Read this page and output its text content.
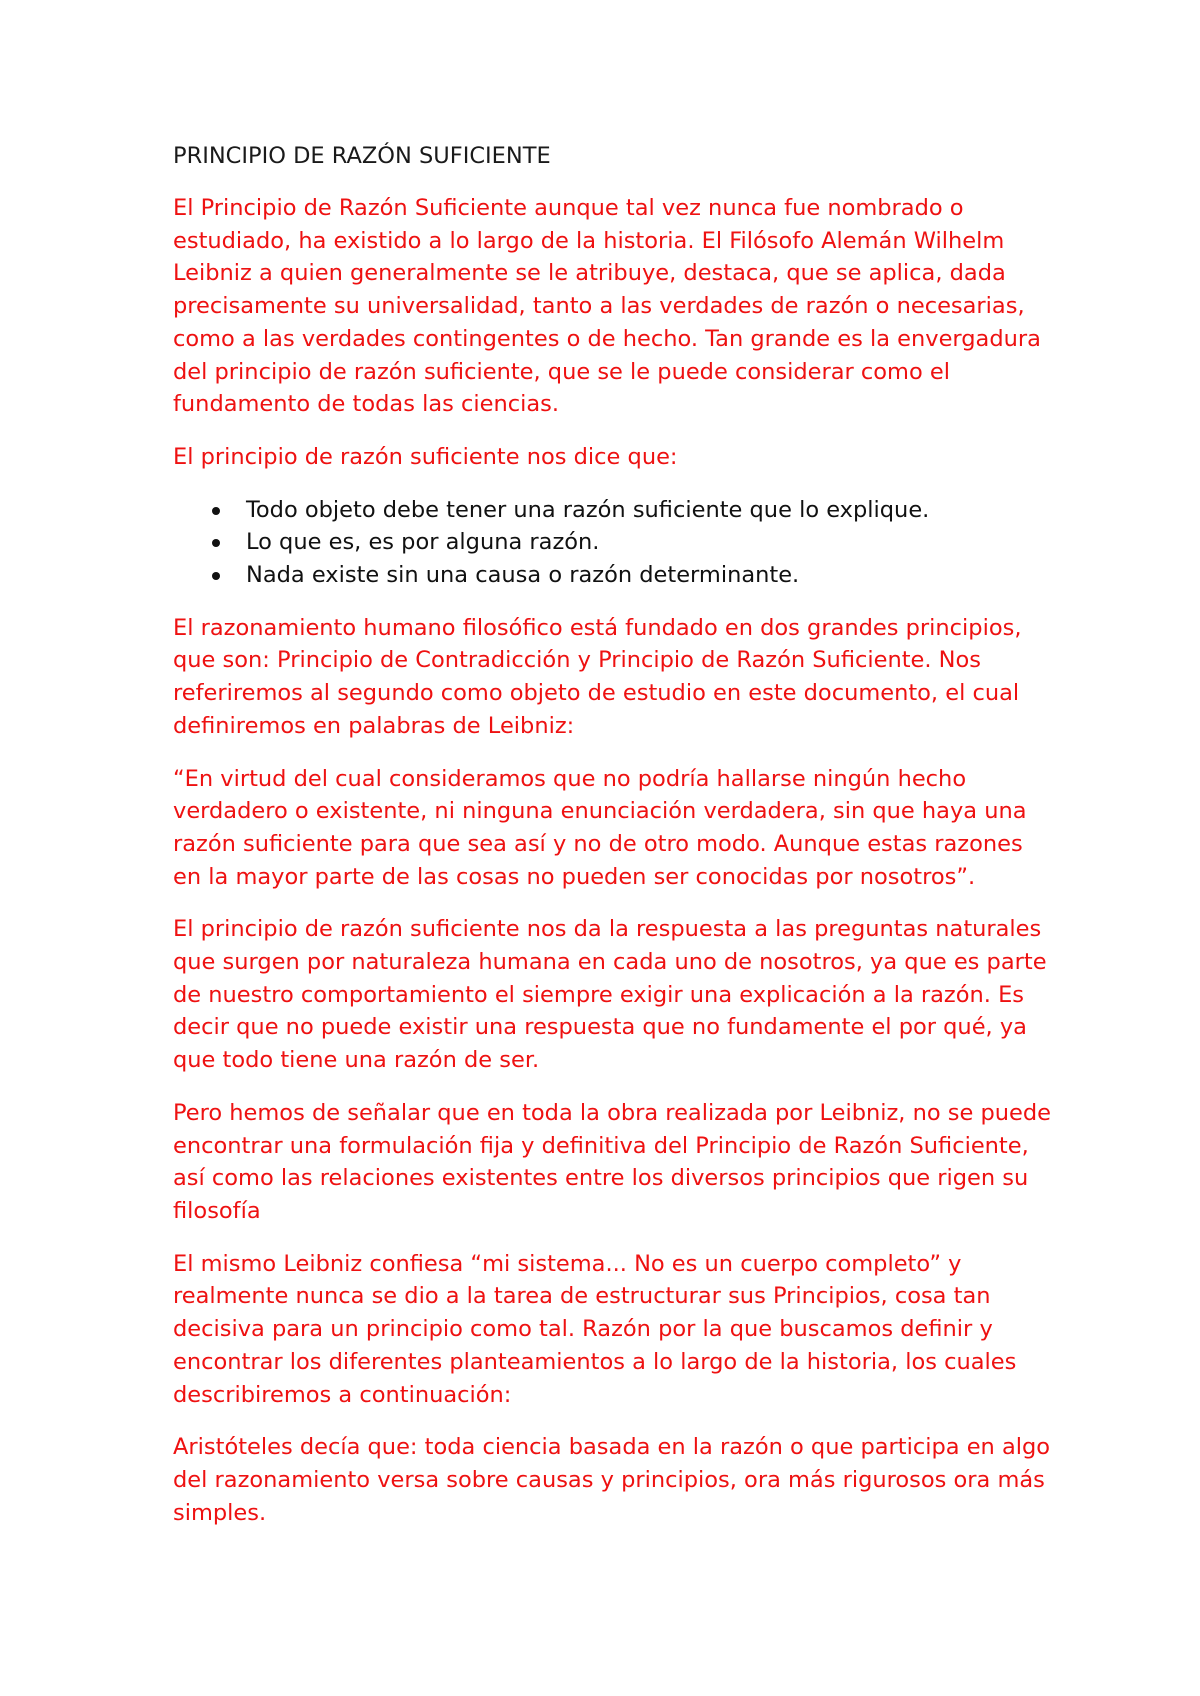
PRINCIPIO DE RAZÓN SUFICIENTE

El Principio de Razón Suficiente aunque tal vez nunca fue nombrado o estudiado, ha existido a lo largo de la historia. El Filósofo Alemán Wilhelm Leibniz a quien generalmente se le atribuye, destaca, que se aplica, dada precisamente su universalidad, tanto a las verdades de razón o necesarias, como a las verdades contingentes o de hecho. Tan grande es la envergadura del principio de razón suficiente, que se le puede considerar como el fundamento de todas las ciencias.

El principio de razón suficiente nos dice que:

Todo objeto debe tener una razón suficiente que lo explique.
Lo que es, es por alguna razón.
Nada existe sin una causa o razón determinante.

El razonamiento humano filosófico está fundado en dos grandes principios, que son: Principio de Contradicción y Principio de Razón Suficiente. Nos referiremos al segundo como objeto de estudio en este documento, el cual definiremos en palabras de Leibniz:

“En virtud del cual consideramos que no podría hallarse ningún hecho verdadero o existente, ni ninguna enunciación verdadera, sin que haya una razón suficiente para que sea así y no de otro modo. Aunque estas razones en la mayor parte de las cosas no pueden ser conocidas por nosotros”.

El principio de razón suficiente nos da la respuesta a las preguntas naturales que surgen por naturaleza humana en cada uno de nosotros, ya que es parte de nuestro comportamiento el siempre exigir una explicación a la razón. Es decir que no puede existir una respuesta que no fundamente el por qué, ya que todo tiene una razón de ser.

Pero hemos de señalar que en toda la obra realizada por Leibniz, no se puede encontrar una formulación fija y definitiva del Principio de Razón Suficiente, así como las relaciones existentes entre los diversos principios que rigen su filosofía

El mismo Leibniz confiesa “mi sistema... No es un cuerpo completo” y realmente nunca se dio a la tarea de estructurar sus Principios, cosa tan decisiva para un principio como tal. Razón por la que buscamos definir y encontrar los diferentes planteamientos a lo largo de la historia, los cuales describiremos a continuación:

Aristóteles decía que: toda ciencia basada en la razón o que participa en algo del razonamiento versa sobre causas y principios, ora más rigurosos ora más simples.
